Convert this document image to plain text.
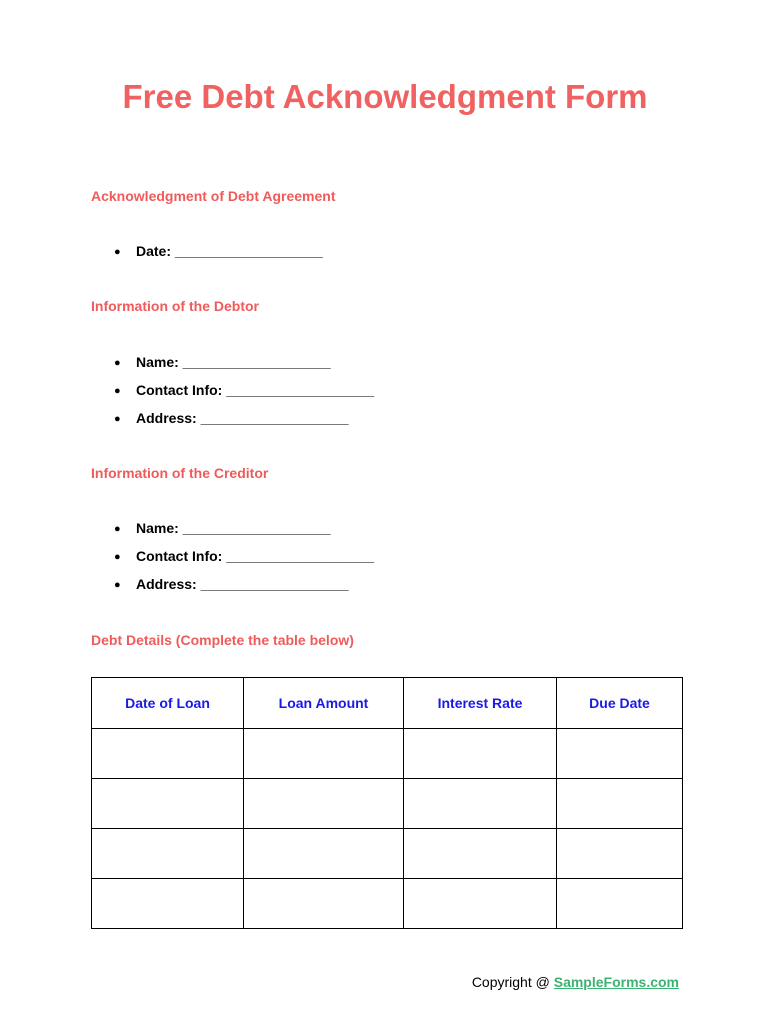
Free Debt Acknowledgment Form
Acknowledgment of Debt Agreement
● Date: ___________________
Information of the Debtor
● Name: ___________________
● Contact Info: ___________________
● Address: ___________________
Information of the Creditor
● Name: ___________________
● Contact Info: ___________________
● Address: ___________________
Debt Details (Complete the table below)
Date of Loan	Loan Amount	Interest Rate	Due Date

Copyright @ SampleForms.com
